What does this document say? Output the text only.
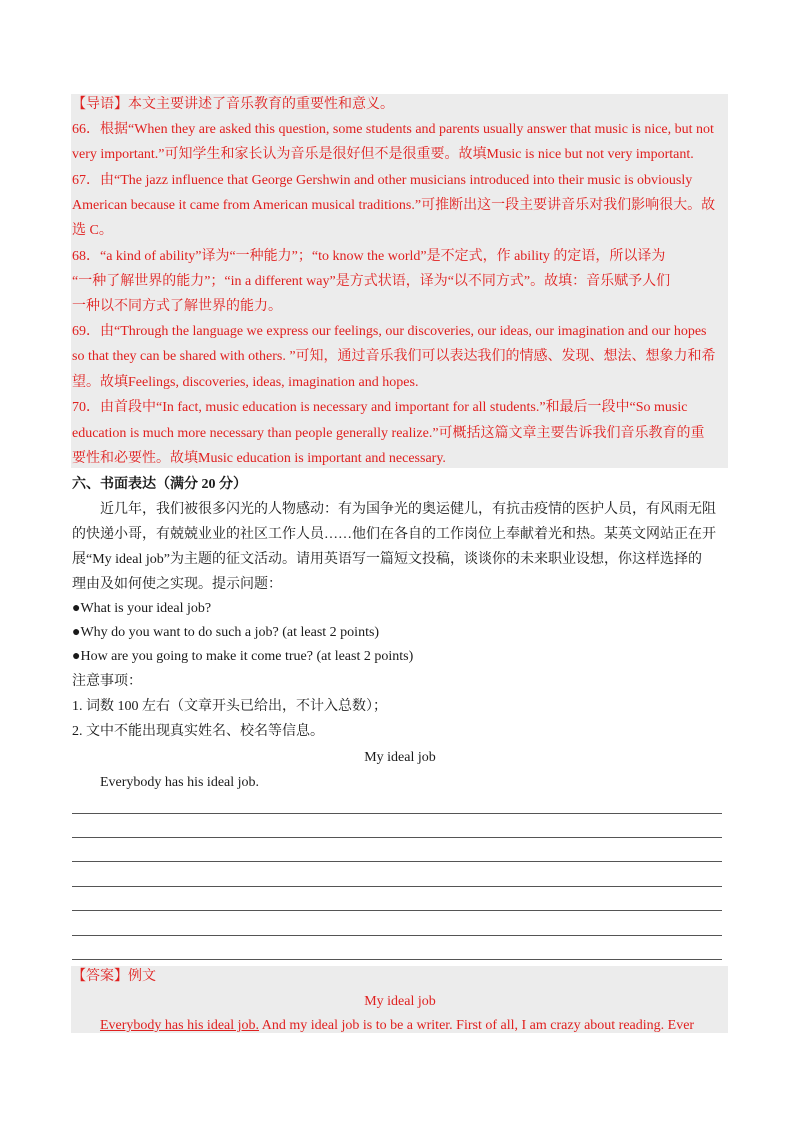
【导语】本文主要讲述了音乐教育的重要性和意义。
66．根据“When they are asked this question, some students and parents usually answer that music is nice, but not
very important.”可知学生和家长认为音乐是很好但不是很重要。故填Music is nice but not very important.
67．由“The jazz influence that George Gershwin and other musicians introduced into their music is obviously
American because it came from American musical traditions.”可推断出这一段主要讲音乐对我们影响很大。故
选 C。
68．“a kind of ability”译为“一种能力”；“to know the world”是不定式，作 ability 的定语，所以译为
“一种了解世界的能力”；“in a different way”是方式状语，译为“以不同方式”。故填：音乐赋予人们
一种以不同方式了解世界的能力。
69．由“Through the language we express our feelings, our discoveries, our ideas, our imagination and our hopes
so that they can be shared with others. ”可知，通过音乐我们可以表达我们的情感、发现、想法、想象力和希
望。故填Feelings, discoveries, ideas, imagination and hopes.
70．由首段中“In fact, music education is necessary and important for all students.”和最后一段中“So music
education is much more necessary than people generally realize.”可概括这篇文章主要告诉我们音乐教育的重
要性和必要性。故填Music education is important and necessary.
六、书面表达（满分 20 分）
近几年，我们被很多闪光的人物感动：有为国争光的奥运健儿，有抗击疫情的医护人员，有风雨无阻
的快递小哥，有兢兢业业的社区工作人员……他们在各自的工作岗位上奉献着光和热。某英文网站正在开
展“My ideal job”为主题的征文活动。请用英语写一篇短文投稿，谈谈你的未来职业设想，你这样选择的
理由及如何使之实现。提示问题：
●What is your ideal job?
●Why do you want to do such a job? (at least 2 points)
●How are you going to make it come true? (at least 2 points)
注意事项：
1. 词数 100 左右（文章开头已给出，不计入总数）；
2. 文中不能出现真实姓名、校名等信息。
My ideal job
Everybody has his ideal job.
【答案】例文
My ideal job
Everybody has his ideal job. And my ideal job is to be a writer. First of all, I am crazy about reading. Ever
